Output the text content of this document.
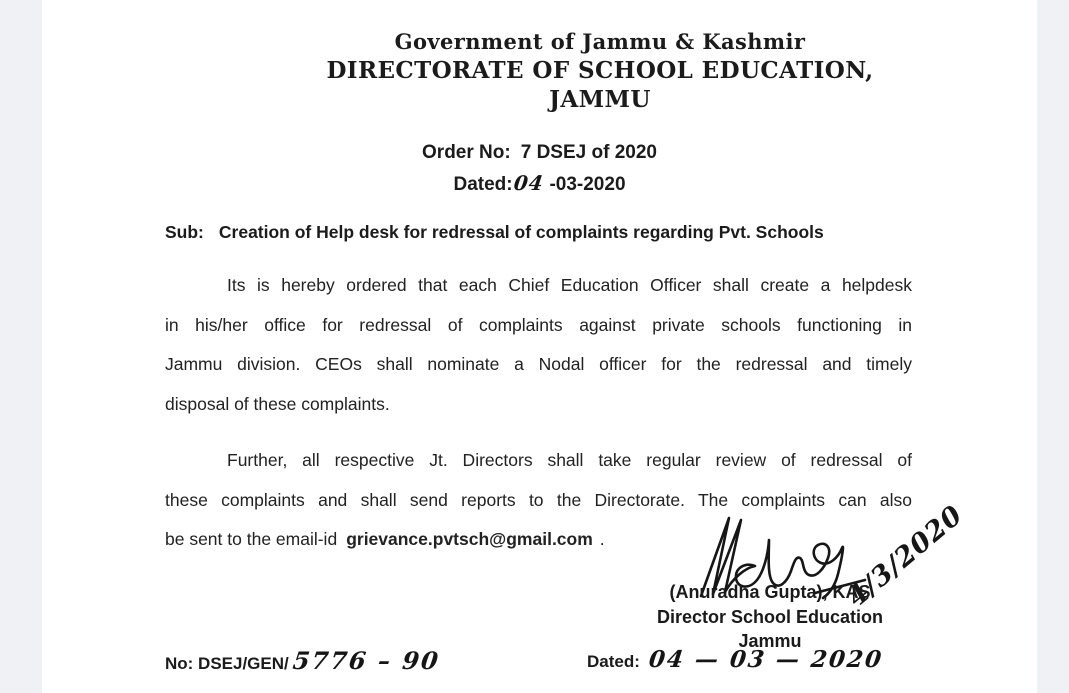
Government of Jammu & Kashmir
DIRECTORATE OF SCHOOL EDUCATION,
JAMMU
Order No: 7 DSEJ of 2020
Dated:04 -03-2020
Sub: Creation of Help desk for redressal of complaints regarding Pvt. Schools
Its is hereby ordered that each Chief Education Officer shall create a helpdesk
in his/her office for redressal of complaints against private schools functioning in
Jammu division. CEOs shall nominate a Nodal officer for the redressal and timely
disposal of these complaints.
Further, all respective Jt. Directors shall take regular review of redressal of
these complaints and shall send reports to the Directorate. The complaints can also
be sent to the email-id grievance.pvtsch@gmail.com .	4/3/2020
(Anuradha Gupta), KAS
Director School Education
Jammu
No: DSEJ/GEN/ 5776 – 90	Dated: 04 — 03 — 2020
